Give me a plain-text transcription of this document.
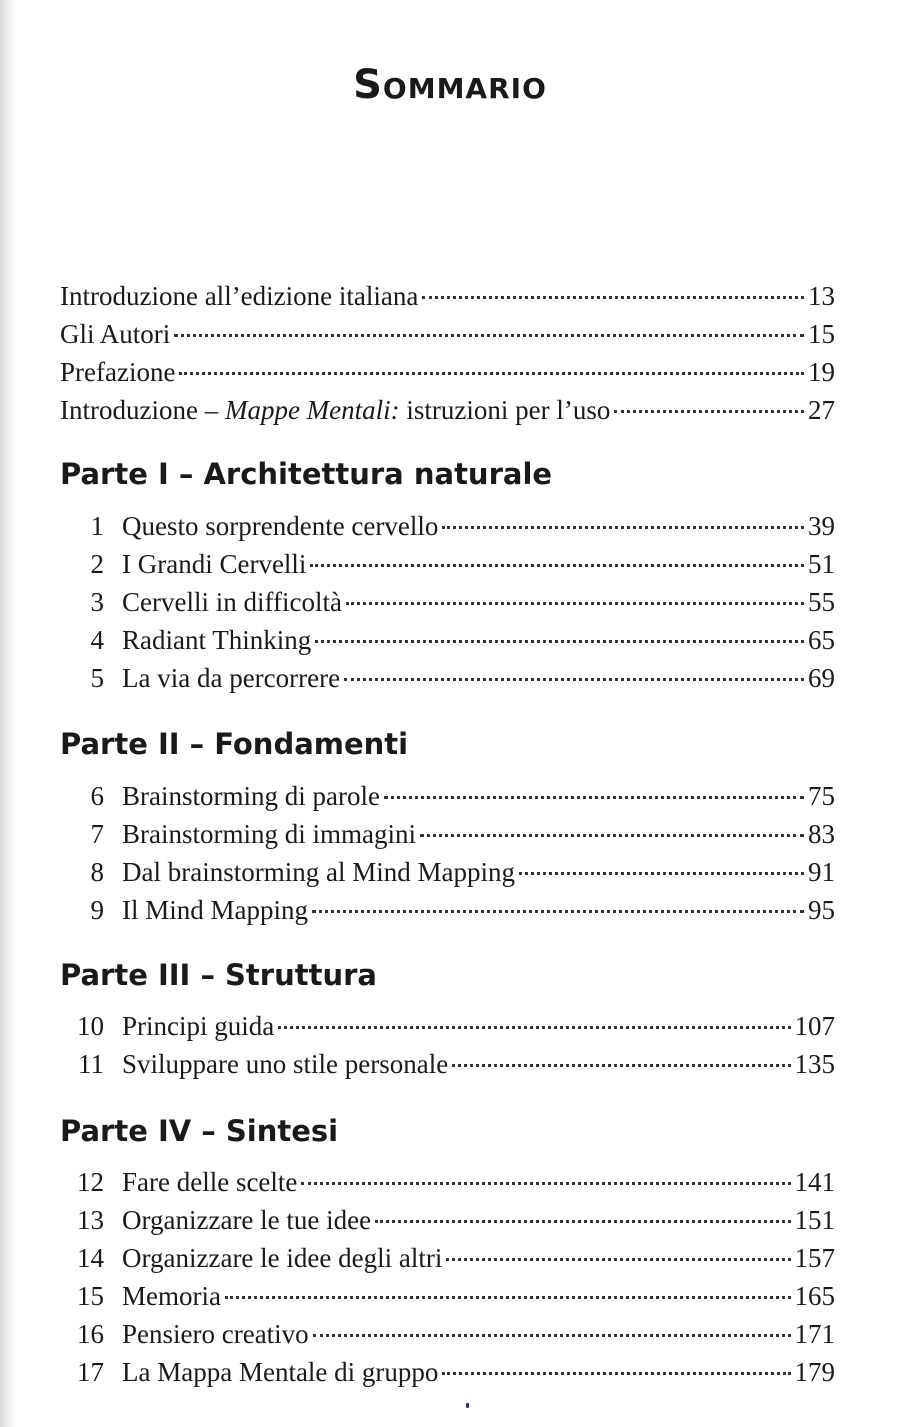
Sommario
Introduzione all’edizione italiana	13
Gli Autori	15
Prefazione	19
Introduzione – Mappe Mentali: istruzioni per l’uso	27
Parte I – Architettura naturale
1 Questo sorprendente cervello	39
2 I Grandi Cervelli	51
3 Cervelli in difficoltà	55
4 Radiant Thinking	65
5 La via da percorrere	69
Parte II – Fondamenti
6 Brainstorming di parole	75
7 Brainstorming di immagini	83
8 Dal brainstorming al Mind Mapping	91
9 Il Mind Mapping	95
Parte III – Struttura
10 Principi guida	107
11 Sviluppare uno stile personale	135
Parte IV – Sintesi
12 Fare delle scelte	141
13 Organizzare le tue idee	151
14 Organizzare le idee degli altri	157
15 Memoria	165
16 Pensiero creativo	171
17 La Mappa Mentale di gruppo	179
